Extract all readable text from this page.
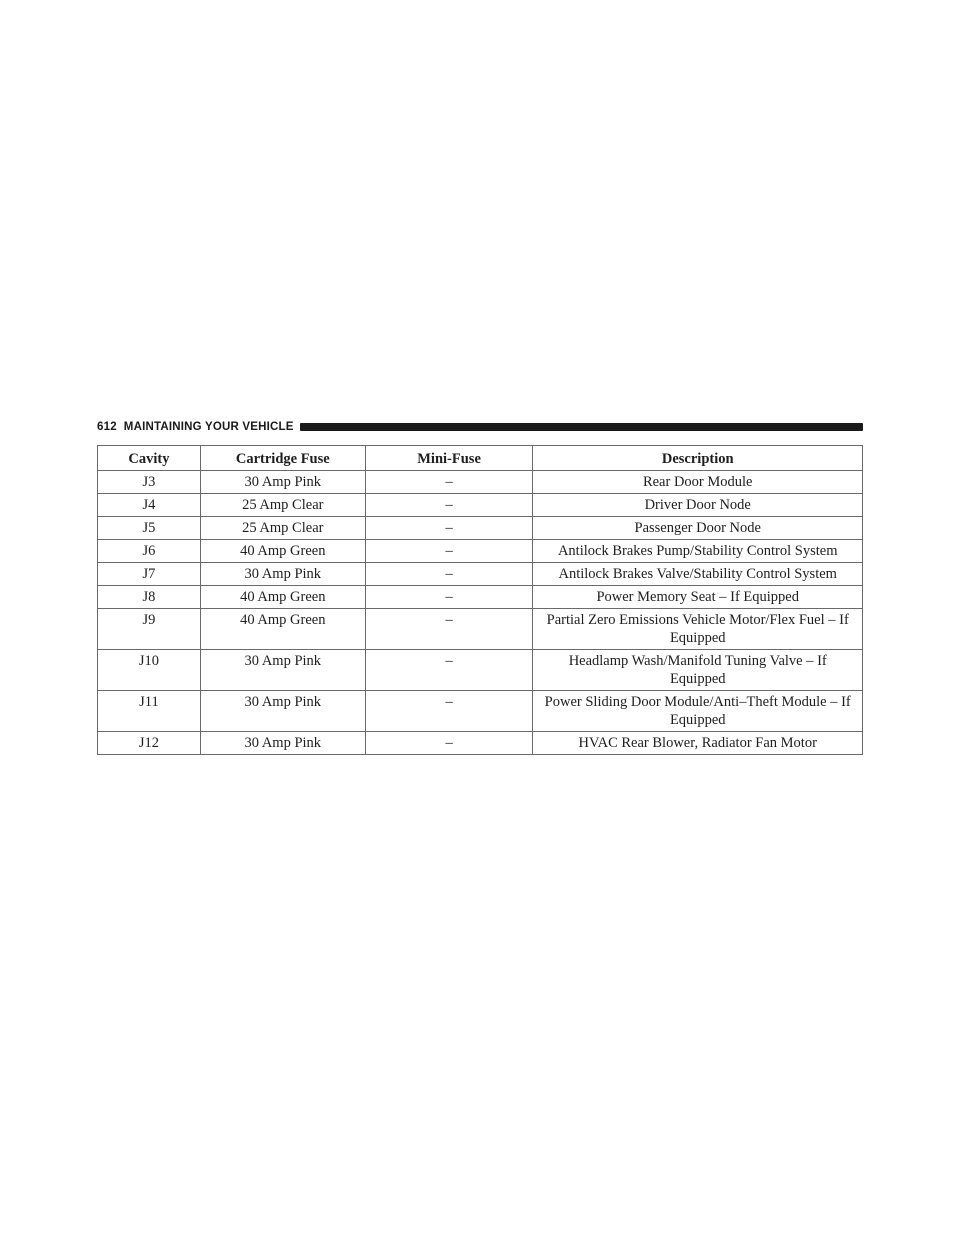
612 MAINTAINING YOUR VEHICLE
Cavity	Cartridge Fuse	Mini-Fuse	Description
J3	30 Amp Pink	–	Rear Door Module
J4	25 Amp Clear	–	Driver Door Node
J5	25 Amp Clear	–	Passenger Door Node
J6	40 Amp Green	–	Antilock Brakes Pump/Stability Control System
J7	30 Amp Pink	–	Antilock Brakes Valve/Stability Control System
J8	40 Amp Green	–	Power Memory Seat – If Equipped
J9	40 Amp Green	–	Partial Zero Emissions Vehicle Motor/Flex Fuel – If Equipped
J10	30 Amp Pink	–	Headlamp Wash/Manifold Tuning Valve – If Equipped
J11	30 Amp Pink	–	Power Sliding Door Module/Anti–Theft Module – If Equipped
J12	30 Amp Pink	–	HVAC Rear Blower, Radiator Fan Motor
